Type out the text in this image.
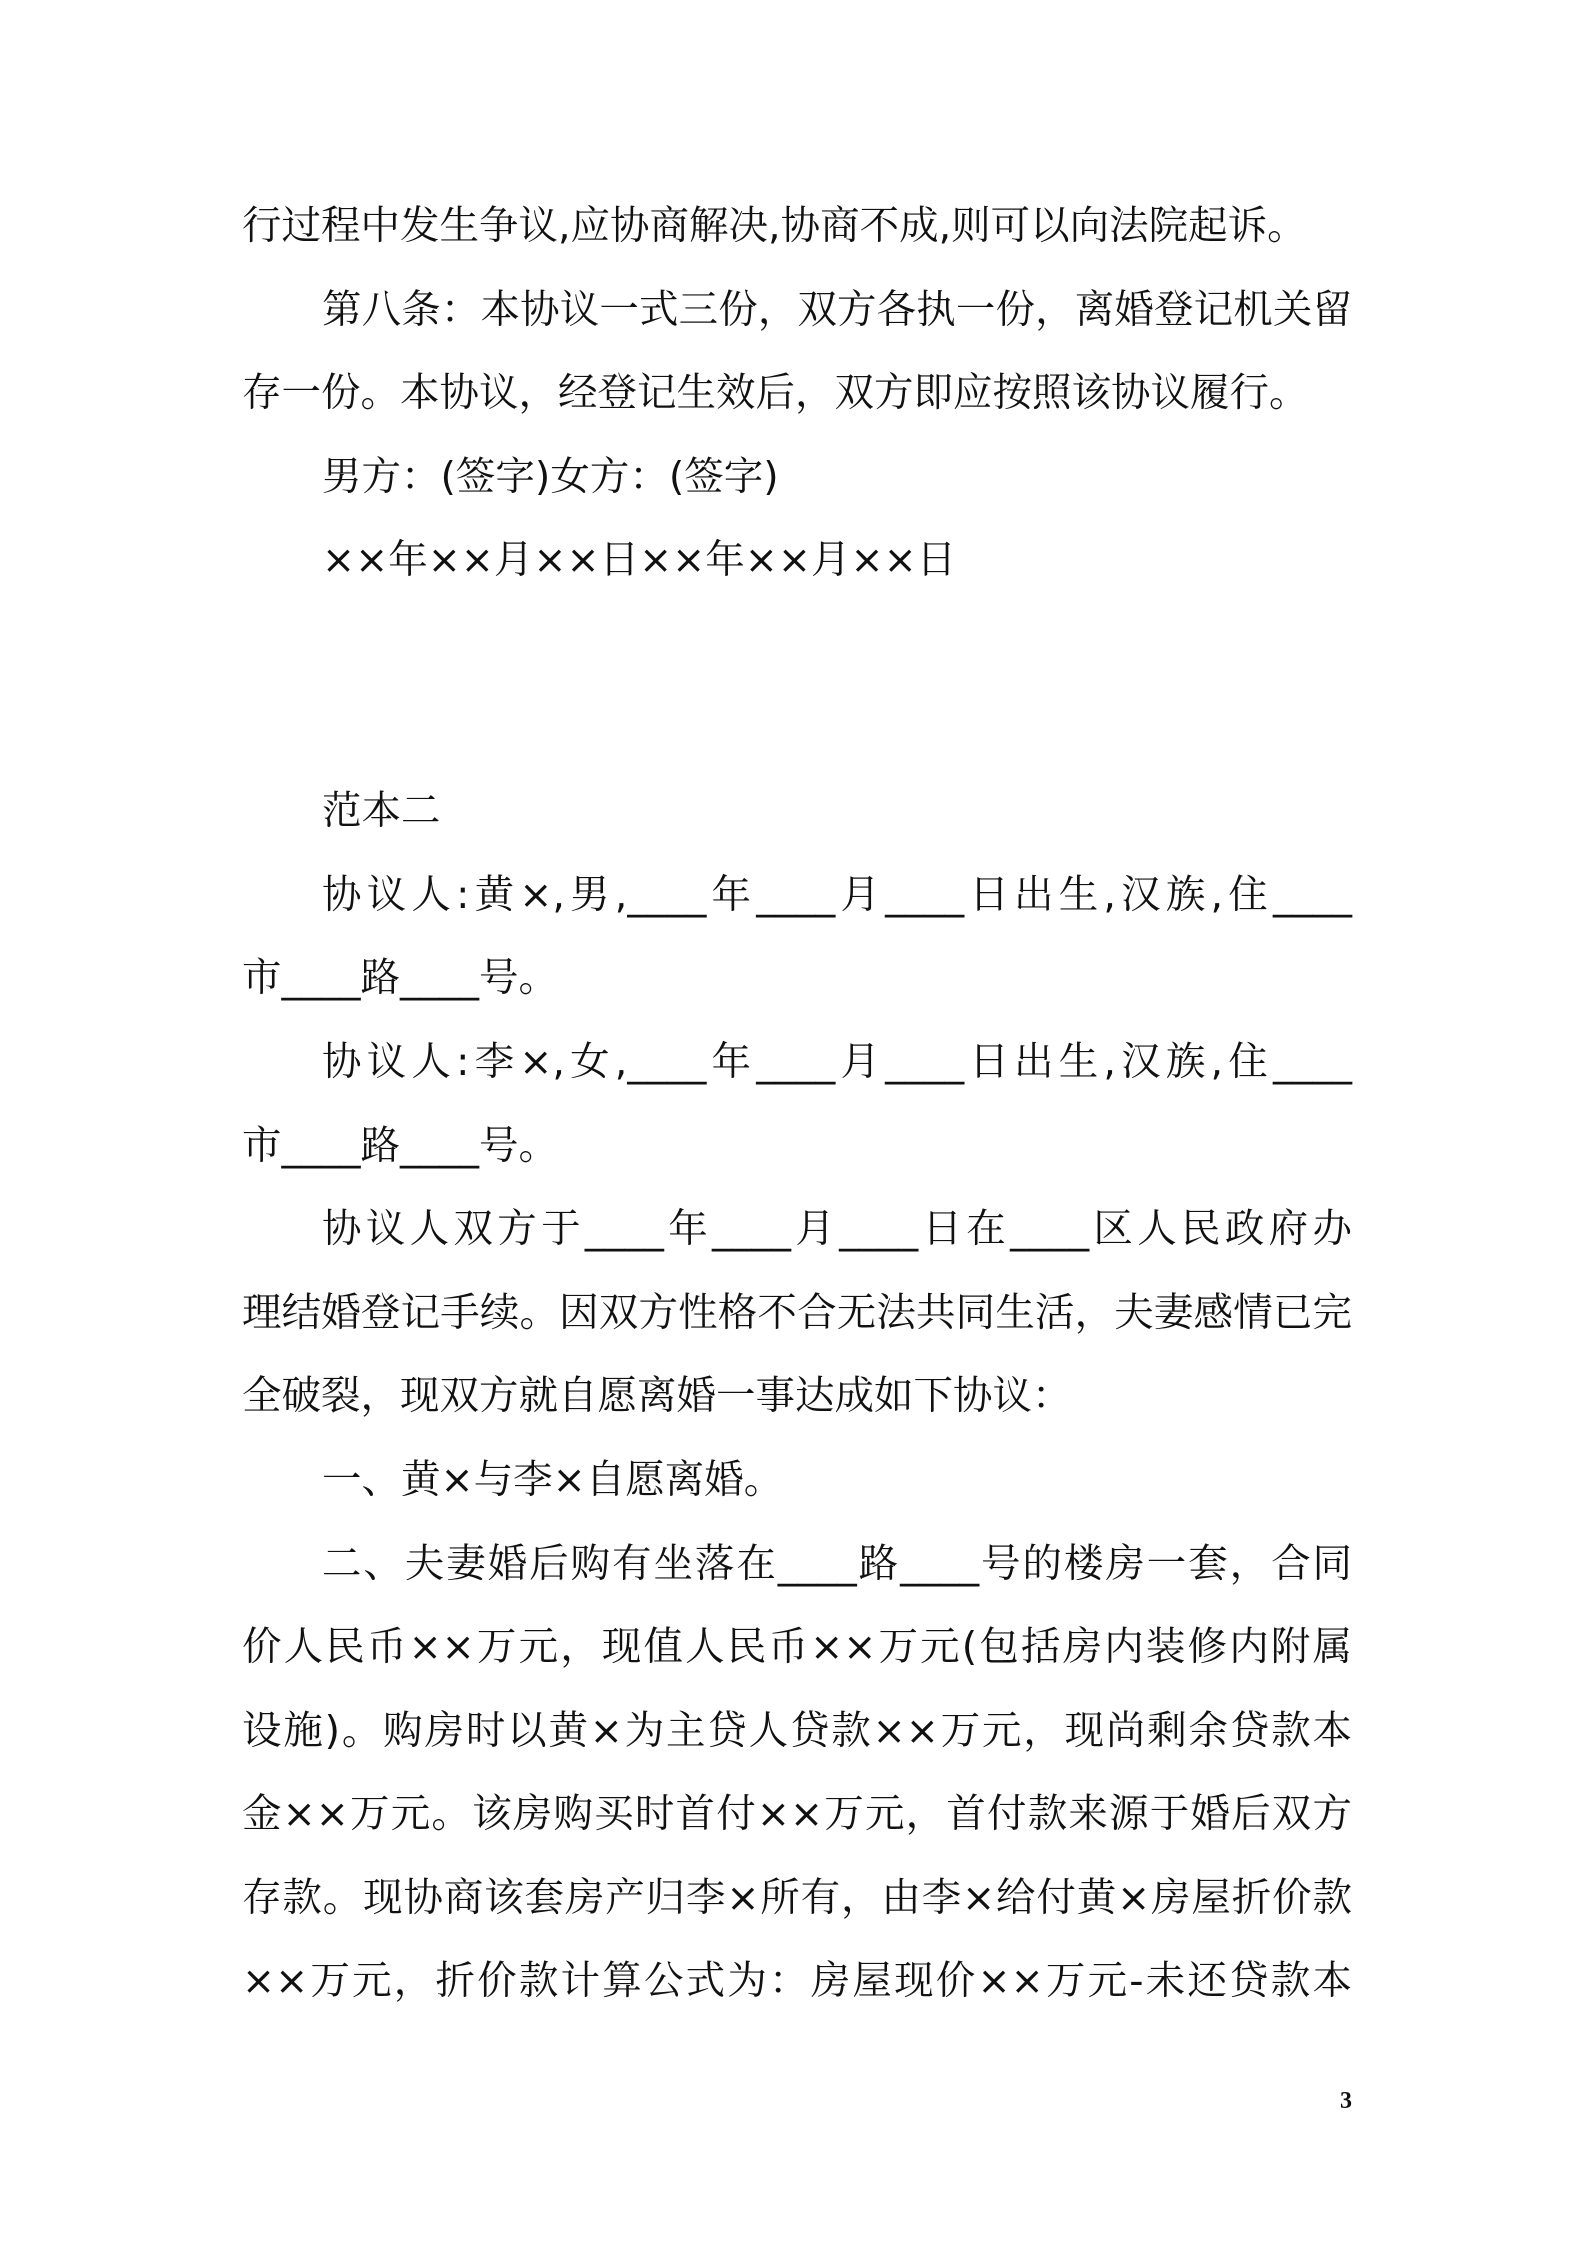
行过程中发生争议,应协商解决,协商不成,则可以向法院起诉。
第八条：本协议一式三份，双方各执一份，离婚登记机关留
存一份。本协议，经登记生效后，双方即应按照该协议履行。
男方：(签字)女方：(签字)
××年××月××日××年××月××日
范本二
协议人:黄×,男,____年____月____日出生,汉族,住____
市____路____号。
协议人:李×,女,____年____月____日出生,汉族,住____
市____路____号。
协议人双方于____年____月____日在____区人民政府办
理结婚登记手续。因双方性格不合无法共同生活，夫妻感情已完
全破裂，现双方就自愿离婚一事达成如下协议：
一、黄×与李×自愿离婚。
二、夫妻婚后购有坐落在____路____号的楼房一套，合同
价人民币××万元，现值人民币××万元(包括房内装修内附属
设施)。购房时以黄×为主贷人贷款××万元，现尚剩余贷款本
金××万元。该房购买时首付××万元，首付款来源于婚后双方
存款。现协商该套房产归李×所有，由李×给付黄×房屋折价款
××万元，折价款计算公式为：房屋现价××万元-未还贷款本
3
